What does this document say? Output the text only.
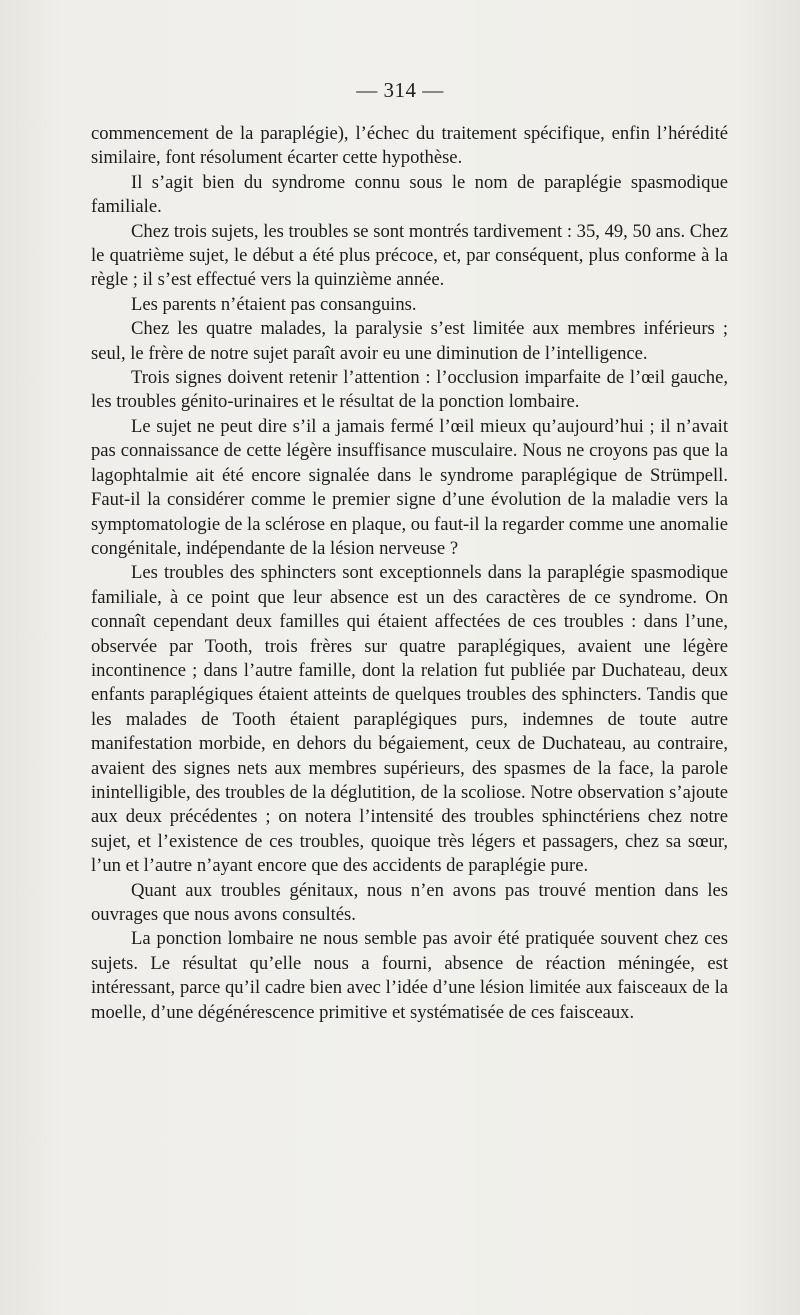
— 314 —

commencement de la paraplégie), l’échec du traitement spécifique, enfin l’hérédité similaire, font résolument écarter cette hypothèse.

Il s’agit bien du syndrome connu sous le nom de paraplégie spasmodique familiale.

Chez trois sujets, les troubles se sont montrés tardivement : 35, 49, 50 ans. Chez le quatrième sujet, le début a été plus précoce, et, par conséquent, plus conforme à la règle ; il s’est effectué vers la quinzième année.

Les parents n’étaient pas consanguins.

Chez les quatre malades, la paralysie s’est limitée aux membres inférieurs ; seul, le frère de notre sujet paraît avoir eu une diminution de l’intelligence.

Trois signes doivent retenir l’attention : l’occlusion imparfaite de l’œil gauche, les troubles génito-urinaires et le résultat de la ponction lombaire.

Le sujet ne peut dire s’il a jamais fermé l’œil mieux qu’aujourd’hui ; il n’avait pas connaissance de cette légère insuffisance musculaire. Nous ne croyons pas que la lagophtalmie ait été encore signalée dans le syndrome paraplégique de Strümpell. Faut-il la considérer comme le premier signe d’une évolution de la maladie vers la symptomatologie de la sclérose en plaque, ou faut-il la regarder comme une anomalie congénitale, indépendante de la lésion nerveuse ?

Les troubles des sphincters sont exceptionnels dans la paraplégie spasmodique familiale, à ce point que leur absence est un des caractères de ce syndrome. On connaît cependant deux familles qui étaient affectées de ces troubles : dans l’une, observée par Tooth, trois frères sur quatre paraplégiques, avaient une légère incontinence ; dans l’autre famille, dont la relation fut publiée par Duchateau, deux enfants paraplégiques étaient atteints de quelques troubles des sphincters. Tandis que les malades de Tooth étaient paraplégiques purs, indemnes de toute autre manifestation morbide, en dehors du bégaiement, ceux de Duchateau, au contraire, avaient des signes nets aux membres supérieurs, des spasmes de la face, la parole inintelligible, des troubles de la déglutition, de la scoliose. Notre observation s’ajoute aux deux précédentes ; on notera l’intensité des troubles sphinctériens chez notre sujet, et l’existence de ces troubles, quoique très légers et passagers, chez sa sœur, l’un et l’autre n’ayant encore que des accidents de paraplégie pure.

Quant aux troubles génitaux, nous n’en avons pas trouvé mention dans les ouvrages que nous avons consultés.

La ponction lombaire ne nous semble pas avoir été pratiquée souvent chez ces sujets. Le résultat qu’elle nous a fourni, absence de réaction méningée, est intéressant, parce qu’il cadre bien avec l’idée d’une lésion limitée aux faisceaux de la moelle, d’une dégénérescence primitive et systématisée de ces faisceaux.
